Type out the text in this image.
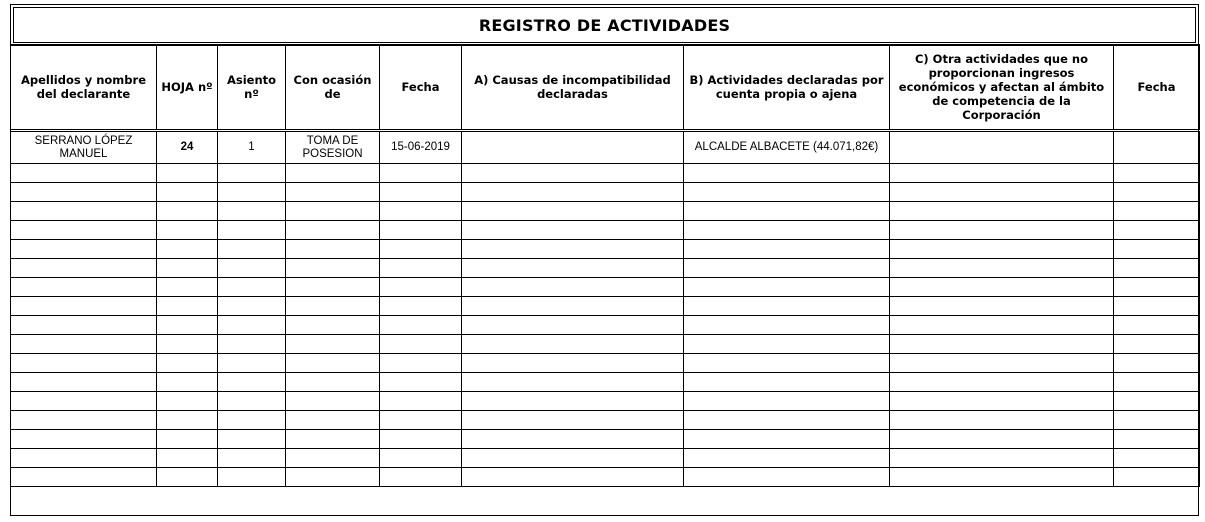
REGISTRO DE ACTIVIDADES
Apellidos y nombre del declarante	HOJA nº	Asiento nº	Con ocasión de	Fecha	A) Causas de incompatibilidad declaradas	B) Actividades declaradas por cuenta propia o ajena	C) Otra actividades que no proporcionan ingresos económicos y afectan al ámbito de competencia de la Corporación	Fecha
SERRANO LÓPEZ MANUEL	24	1	TOMA DE POSESION	15-06-2019		ALCALDE ALBACETE (44.071,82€)		
